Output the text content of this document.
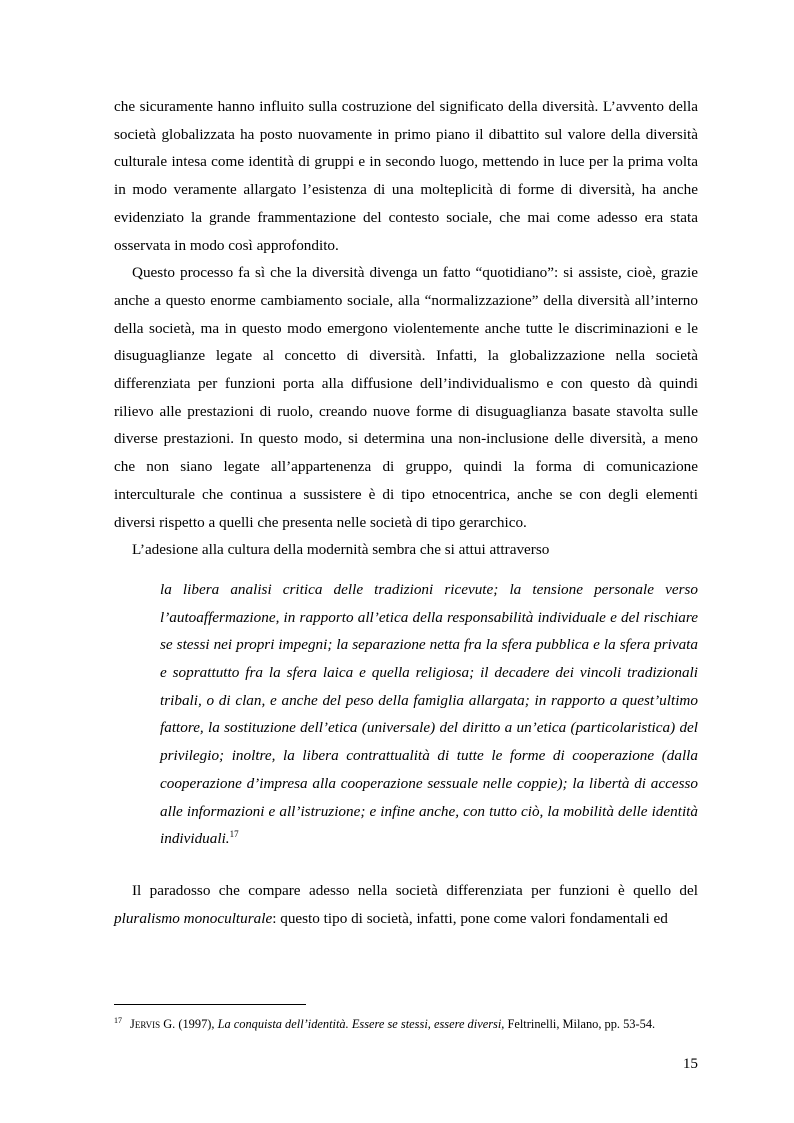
che sicuramente hanno influito sulla costruzione del significato della diversità. L’avvento della società globalizzata ha posto nuovamente in primo piano il dibattito sul valore della diversità culturale intesa come identità di gruppi e in secondo luogo, mettendo in luce per la prima volta in modo veramente allargato l’esistenza di una molteplicità di forme di diversità, ha anche evidenziato la grande frammentazione del contesto sociale, che mai come adesso era stata osservata in modo così approfondito.

Questo processo fa sì che la diversità divenga un fatto “quotidiano”: si assiste, cioè, grazie anche a questo enorme cambiamento sociale, alla “normalizzazione” della diversità all’interno della società, ma in questo modo emergono violentemente anche tutte le discriminazioni e le disuguaglianze legate al concetto di diversità. Infatti, la globalizzazione nella società differenziata per funzioni porta alla diffusione dell’individualismo e con questo dà quindi rilievo alle prestazioni di ruolo, creando nuove forme di disuguaglianza basate stavolta sulle diverse prestazioni. In questo modo, si determina una non-inclusione delle diversità, a meno che non siano legate all’appartenenza di gruppo, quindi la forma di comunicazione interculturale che continua a sussistere è di tipo etnocentrica, anche se con degli elementi diversi rispetto a quelli che presenta nelle società di tipo gerarchico.

L’adesione alla cultura della modernità sembra che si attui attraverso

la libera analisi critica delle tradizioni ricevute; la tensione personale verso l’autoaffermazione, in rapporto all’etica della responsabilità individuale e del rischiare se stessi nei propri impegni; la separazione netta fra la sfera pubblica e la sfera privata e soprattutto fra la sfera laica e quella religiosa; il decadere dei vincoli tradizionali tribali, o di clan, e anche del peso della famiglia allargata; in rapporto a quest’ultimo fattore, la sostituzione dell’etica (universale) del diritto a un’etica (particolaristica) del privilegio; inoltre, la libera contrattualità di tutte le forme di cooperazione (dalla cooperazione d’impresa alla cooperazione sessuale nelle coppie); la libertà di accesso alle informazioni e all’istruzione; e infine anche, con tutto ciò, la mobilità delle identità individuali.$^{17}$

Il paradosso che compare adesso nella società differenziata per funzioni è quello del pluralismo monoculturale: questo tipo di società, infatti, pone come valori fondamentali ed

$^{17}$ Jervis G. (1997), La conquista dell’identità. Essere se stessi, essere diversi, Feltrinelli, Milano, pp. 53-54.
15
